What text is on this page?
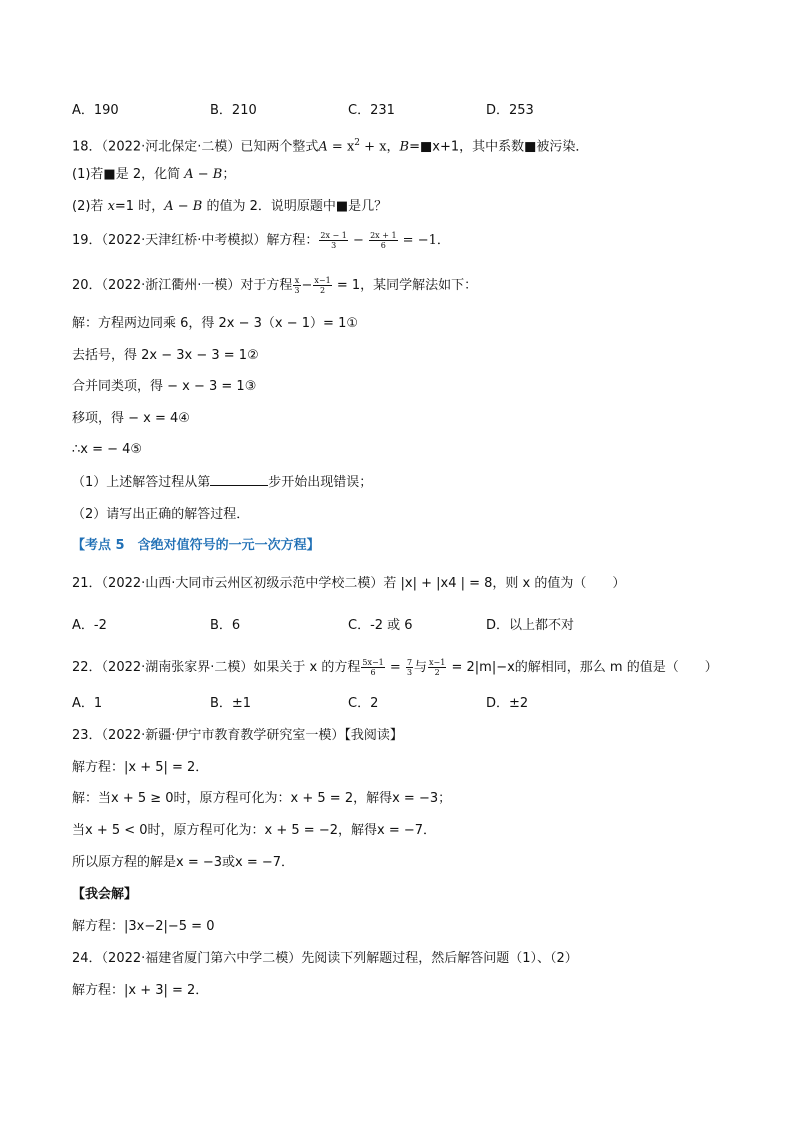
A．190	B．210	C．231	D．253
18．（2022·河北保定·二模）已知两个整式$A = x^2 + x$，B=■x+1，其中系数■被污染．
(1)若■是 2，化简 A − B；
(2)若 x=1 时，A − B 的值为 2．说明原题中■是几？
19．（2022·天津红桥·中考模拟）解方程： $\frac{2x - 1}{3} - \frac{2x + 1}{6} = -1$．
20．（2022·浙江衢州·一模）对于方程 $\frac{x}{3} - \frac{x-1}{2} = 1$，某同学解法如下：
解：方程两边同乘 6，得 2x − 3（x − 1）= 1①
去括号，得 2x − 3x − 3 = 1②
合并同类项，得 − x − 3 = 1③
移项，得 − x = 4④
∴x = − 4⑤
（1）上述解答过程从第	步开始出现错误；
（2）请写出正确的解答过程．
【考点 5　含绝对值符号的一元一次方程】
21．（2022·山西·大同市云州区初级示范中学校二模）若 |x| + |x4 | = 8，则 x 的值为（　　）
A．-2	B．6	C．-2 或 6	D．以上都不对
22．（2022·湖南张家界·二模）如果关于 x 的方程 $\frac{5x-1}{6} = \frac{7}{3}$ 与 $\frac{x-1}{2} = 2|m|-x$的解相同，那么 m 的值是（　　）
A．1	B．±1	C．2	D．±2
23．（2022·新疆·伊宁市教育教学研究室一模）【我阅读】
解方程：|x + 5| = 2．
解：当x + 5 ≥ 0时，原方程可化为：x + 5 = 2，解得x = −3；
当x + 5 < 0时，原方程可化为：x + 5 = −2，解得x = −7．
所以原方程的解是x = −3或x = −7．
【我会解】
解方程：|3x−2|−5 = 0
24．（2022·福建省厦门第六中学二模）先阅读下列解题过程，然后解答问题（1）、（2）
解方程：|x + 3| = 2．
